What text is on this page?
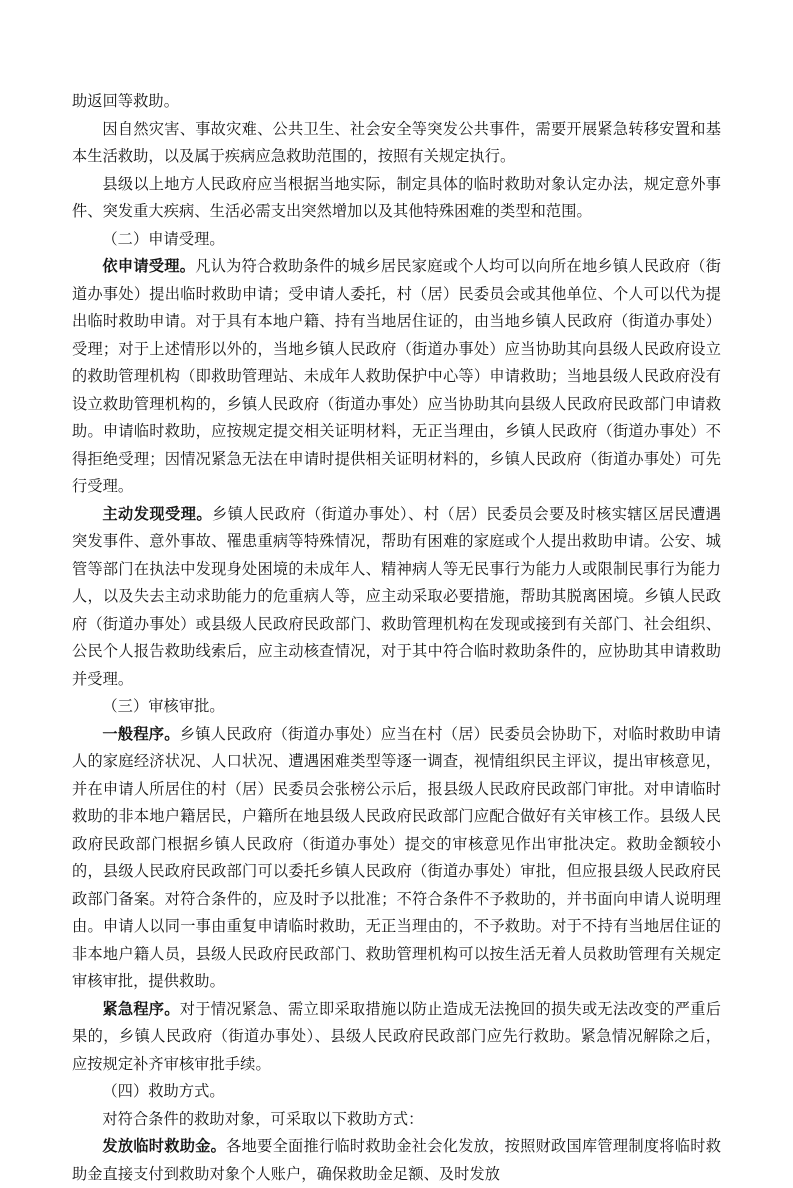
助返回等救助。

因自然灾害、事故灾难、公共卫生、社会安全等突发公共事件，需要开展紧急转移安置和基本生活救助，以及属于疾病应急救助范围的，按照有关规定执行。

县级以上地方人民政府应当根据当地实际，制定具体的临时救助对象认定办法，规定意外事件、突发重大疾病、生活必需支出突然增加以及其他特殊困难的类型和范围。

（二）申请受理。

依申请受理。凡认为符合救助条件的城乡居民家庭或个人均可以向所在地乡镇人民政府（街道办事处）提出临时救助申请；受申请人委托，村（居）民委员会或其他单位、个人可以代为提出临时救助申请。对于具有本地户籍、持有当地居住证的，由当地乡镇人民政府（街道办事处）受理；对于上述情形以外的，当地乡镇人民政府（街道办事处）应当协助其向县级人民政府设立的救助管理机构（即救助管理站、未成年人救助保护中心等）申请救助；当地县级人民政府没有设立救助管理机构的，乡镇人民政府（街道办事处）应当协助其向县级人民政府民政部门申请救助。申请临时救助，应按规定提交相关证明材料，无正当理由，乡镇人民政府（街道办事处）不得拒绝受理；因情况紧急无法在申请时提供相关证明材料的，乡镇人民政府（街道办事处）可先行受理。

主动发现受理。乡镇人民政府（街道办事处）、村（居）民委员会要及时核实辖区居民遭遇突发事件、意外事故、罹患重病等特殊情况，帮助有困难的家庭或个人提出救助申请。公安、城管等部门在执法中发现身处困境的未成年人、精神病人等无民事行为能力人或限制民事行为能力人，以及失去主动求助能力的危重病人等，应主动采取必要措施，帮助其脱离困境。乡镇人民政府（街道办事处）或县级人民政府民政部门、救助管理机构在发现或接到有关部门、社会组织、公民个人报告救助线索后，应主动核查情况，对于其中符合临时救助条件的，应协助其申请救助并受理。

（三）审核审批。

一般程序。乡镇人民政府（街道办事处）应当在村（居）民委员会协助下，对临时救助申请人的家庭经济状况、人口状况、遭遇困难类型等逐一调查，视情组织民主评议，提出审核意见，并在申请人所居住的村（居）民委员会张榜公示后，报县级人民政府民政部门审批。对申请临时救助的非本地户籍居民，户籍所在地县级人民政府民政部门应配合做好有关审核工作。县级人民政府民政部门根据乡镇人民政府（街道办事处）提交的审核意见作出审批决定。救助金额较小的，县级人民政府民政部门可以委托乡镇人民政府（街道办事处）审批，但应报县级人民政府民政部门备案。对符合条件的，应及时予以批准；不符合条件不予救助的，并书面向申请人说明理由。申请人以同一事由重复申请临时救助，无正当理由的，不予救助。对于不持有当地居住证的非本地户籍人员，县级人民政府民政部门、救助管理机构可以按生活无着人员救助管理有关规定审核审批，提供救助。

紧急程序。对于情况紧急、需立即采取措施以防止造成无法挽回的损失或无法改变的严重后果的，乡镇人民政府（街道办事处）、县级人民政府民政部门应先行救助。紧急情况解除之后，应按规定补齐审核审批手续。

（四）救助方式。

对符合条件的救助对象，可采取以下救助方式：

发放临时救助金。各地要全面推行临时救助金社会化发放，按照财政国库管理制度将临时救助金直接支付到救助对象个人账户，确保救助金足额、及时发放
